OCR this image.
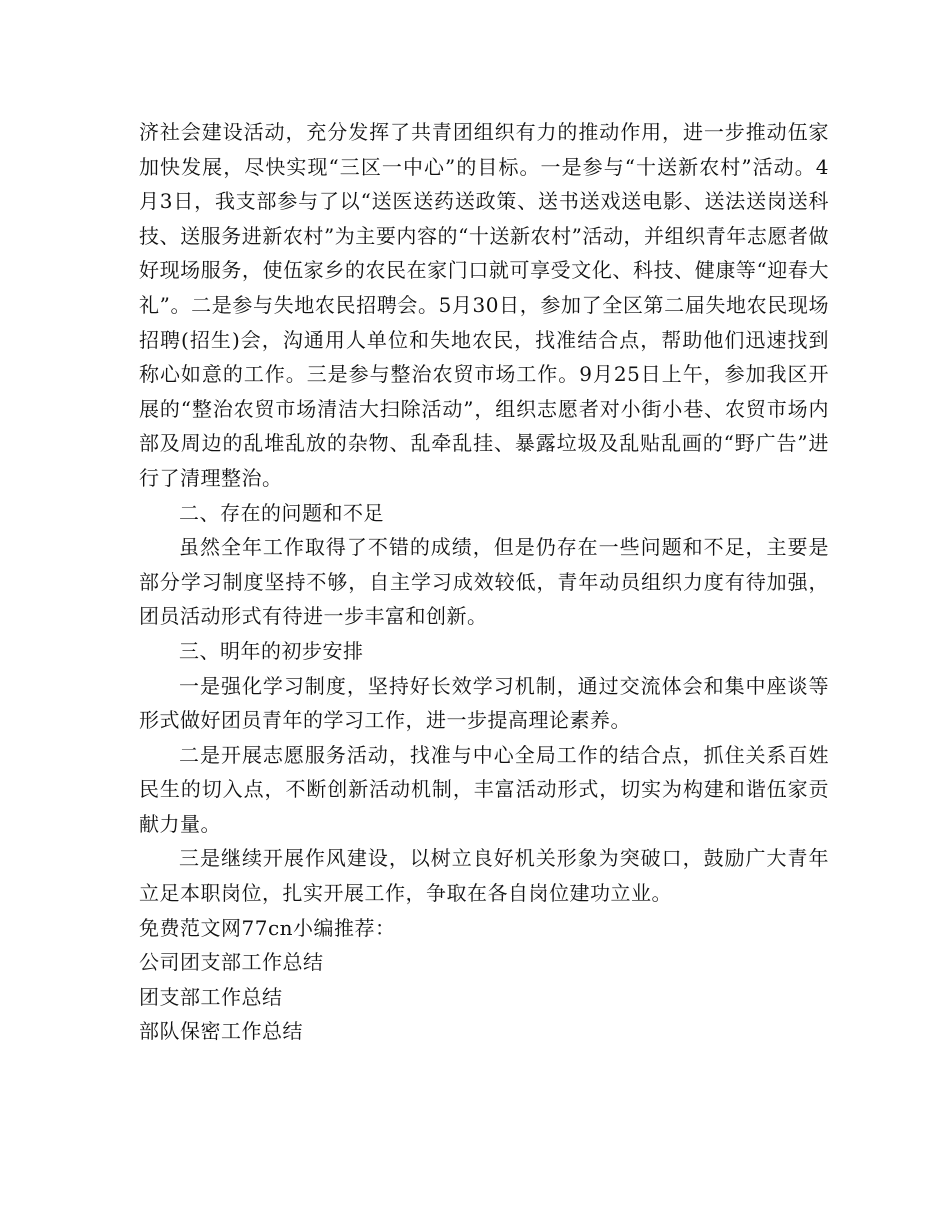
济社会建设活动，充分发挥了共青团组织有力的推动作用，进一步推动伍家加快发展，尽快实现“三区一中心”的目标。一是参与“十送新农村”活动。4月3日，我支部参与了以“送医送药送政策、送书送戏送电影、送法送岗送科技、送服务进新农村”为主要内容的“十送新农村”活动，并组织青年志愿者做好现场服务，使伍家乡的农民在家门口就可享受文化、科技、健康等“迎春大礼”。二是参与失地农民招聘会。5月30日，参加了全区第二届失地农民现场招聘(招生)会，沟通用人单位和失地农民，找准结合点，帮助他们迅速找到称心如意的工作。三是参与整治农贸市场工作。9月25日上午，参加我区开展的“整治农贸市场清洁大扫除活动”，组织志愿者对小街小巷、农贸市场内部及周边的乱堆乱放的杂物、乱牵乱挂、暴露垃圾及乱贴乱画的“野广告”进行了清理整治。

二、存在的问题和不足

虽然全年工作取得了不错的成绩，但是仍存在一些问题和不足，主要是部分学习制度坚持不够，自主学习成效较低，青年动员组织力度有待加强，团员活动形式有待进一步丰富和创新。

三、明年的初步安排

一是强化学习制度，坚持好长效学习机制，通过交流体会和集中座谈等形式做好团员青年的学习工作，进一步提高理论素养。

二是开展志愿服务活动，找准与中心全局工作的结合点，抓住关系百姓民生的切入点，不断创新活动机制，丰富活动形式，切实为构建和谐伍家贡献力量。

三是继续开展作风建设，以树立良好机关形象为突破口，鼓励广大青年立足本职岗位，扎实开展工作，争取在各自岗位建功立业。

免费范文网77cn小编推荐：

公司团支部工作总结

团支部工作总结

部队保密工作总结
